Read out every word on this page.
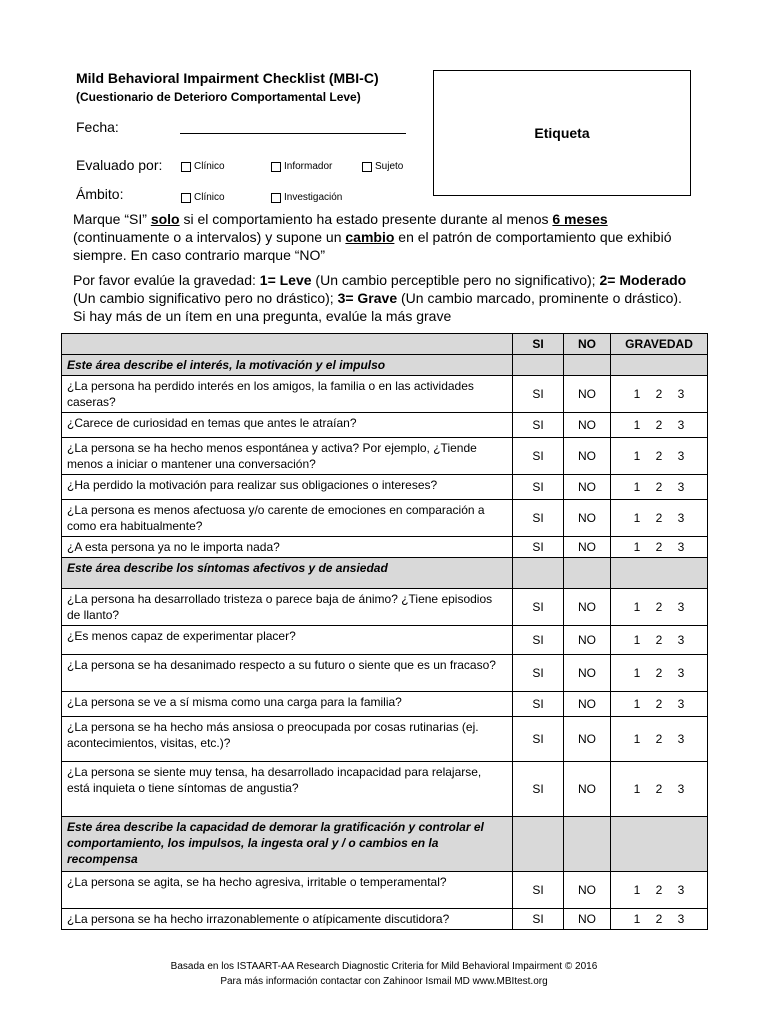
Mild Behavioral Impairment Checklist (MBI-C)
(Cuestionario de Deterioro Comportamental Leve)
Fecha:
Evaluado por:	Clínico	Informador	Sujeto
Ámbito:	Clínico	Investigación
Etiqueta
Marque “SI” solo si el comportamiento ha estado presente durante al menos 6 meses (continuamente o a intervalos) y supone un cambio en el patrón de comportamiento que exhibió siempre. En caso contrario marque “NO”
Por favor evalúe la gravedad: 1= Leve (Un cambio perceptible pero no significativo); 2= Moderado (Un cambio significativo pero no drástico); 3= Grave (Un cambio marcado, prominente o drástico).
Si hay más de un ítem en una pregunta, evalúe la más grave
	SI	NO	GRAVEDAD
Este área describe el interés, la motivación y el impulso			
¿La persona ha perdido interés en los amigos, la familia o en las actividades caseras?	SI	NO	1 2 3
¿Carece de curiosidad en temas que antes le atraían?	SI	NO	1 2 3
¿La persona se ha hecho menos espontánea y activa? Por ejemplo, ¿Tiende menos a iniciar o mantener una conversación?	SI	NO	1 2 3
¿Ha perdido la motivación para realizar sus obligaciones o intereses?	SI	NO	1 2 3
¿La persona es menos afectuosa y/o carente de emociones en comparación a como era habitualmente?	SI	NO	1 2 3
¿A esta persona ya no le importa nada?	SI	NO	1 2 3
Este área describe los síntomas afectivos y de ansiedad			
¿La persona ha desarrollado tristeza o parece baja de ánimo? ¿Tiene episodios de llanto?	SI	NO	1 2 3
¿Es menos capaz de experimentar placer?	SI	NO	1 2 3
¿La persona se ha desanimado respecto a su futuro o siente que es un fracaso?	SI	NO	1 2 3
¿La persona se ve a sí misma como una carga para la familia?	SI	NO	1 2 3
¿La persona se ha hecho más ansiosa o preocupada por cosas rutinarias (ej. acontecimientos, visitas, etc.)?	SI	NO	1 2 3
¿La persona se siente muy tensa, ha desarrollado incapacidad para relajarse, está inquieta o tiene síntomas de angustia?	SI	NO	1 2 3
Este área describe la capacidad de demorar la gratificación y controlar el comportamiento, los impulsos, la ingesta oral y / o cambios en la recompensa			
¿La persona se agita, se ha hecho agresiva, irritable o temperamental?	SI	NO	1 2 3
¿La persona se ha hecho irrazonablemente o atípicamente discutidora?	SI	NO	1 2 3
Basada en los ISTAART-AA Research Diagnostic Criteria for Mild Behavioral Impairment © 2016
Para más información contactar con Zahinoor Ismail MD www.MBItest.org
